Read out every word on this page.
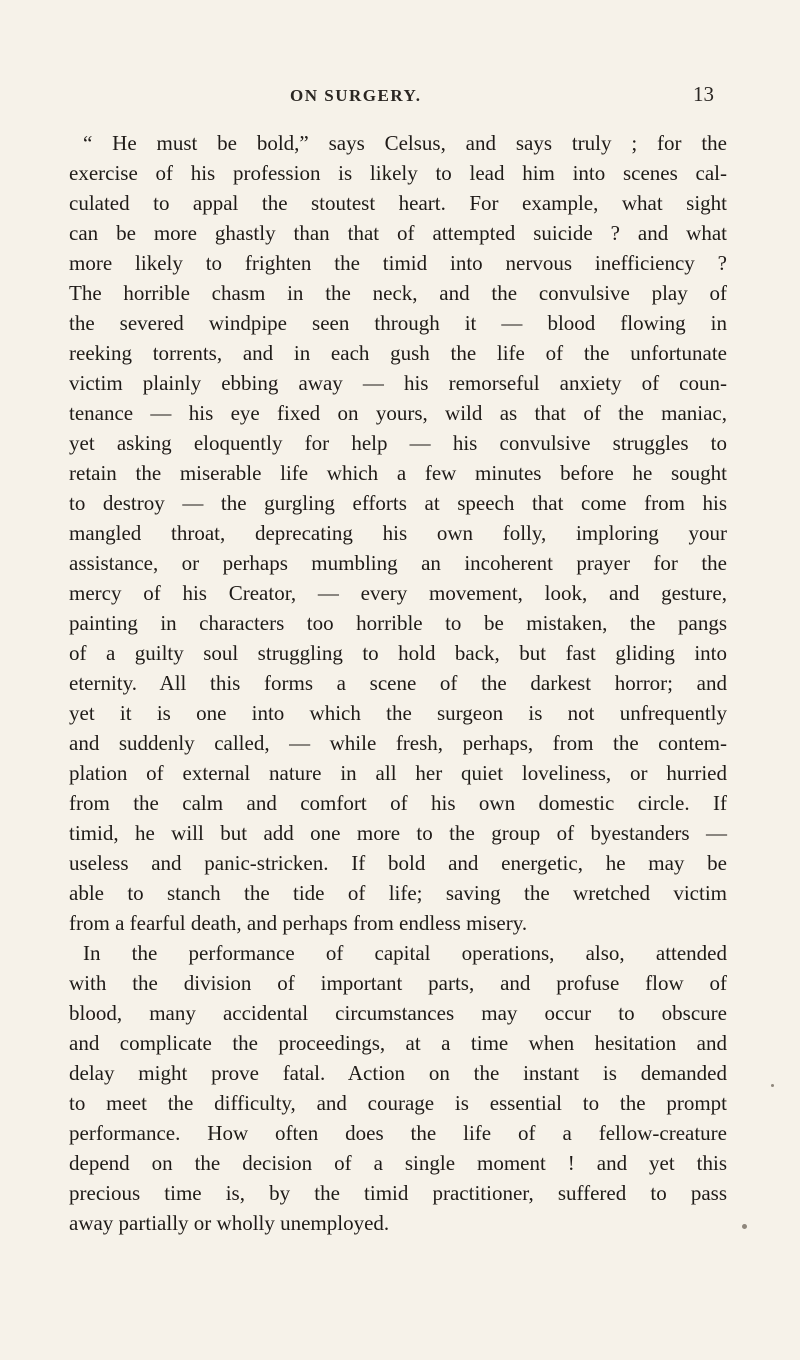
ON SURGERY.	13
“ He must be bold,” says Celsus, and says truly ; for the
exercise of his profession is likely to lead him into scenes cal-
culated to appal the stoutest heart. For example, what sight
can be more ghastly than that of attempted suicide ? and what
more likely to frighten the timid into nervous inefficiency ?
The horrible chasm in the neck, and the convulsive play of
the severed windpipe seen through it — blood flowing in
reeking torrents, and in each gush the life of the unfortunate
victim plainly ebbing away — his remorseful anxiety of coun-
tenance — his eye fixed on yours, wild as that of the maniac,
yet asking eloquently for help — his convulsive struggles to
retain the miserable life which a few minutes before he sought
to destroy — the gurgling efforts at speech that come from his
mangled throat, deprecating his own folly, imploring your
assistance, or perhaps mumbling an incoherent prayer for the
mercy of his Creator, — every movement, look, and gesture,
painting in characters too horrible to be mistaken, the pangs
of a guilty soul struggling to hold back, but fast gliding into
eternity. All this forms a scene of the darkest horror; and
yet it is one into which the surgeon is not unfrequently
and suddenly called, — while fresh, perhaps, from the contem-
plation of external nature in all her quiet loveliness, or hurried
from the calm and comfort of his own domestic circle. If
timid, he will but add one more to the group of byestanders —
useless and panic-stricken. If bold and energetic, he may be
able to stanch the tide of life; saving the wretched victim
from a fearful death, and perhaps from endless misery.
In the performance of capital operations, also, attended
with the division of important parts, and profuse flow of
blood, many accidental circumstances may occur to obscure
and complicate the proceedings, at a time when hesitation and
delay might prove fatal. Action on the instant is demanded
to meet the difficulty, and courage is essential to the prompt
performance. How often does the life of a fellow-creature
depend on the decision of a single moment ! and yet this
precious time is, by the timid practitioner, suffered to pass
away partially or wholly unemployed.
